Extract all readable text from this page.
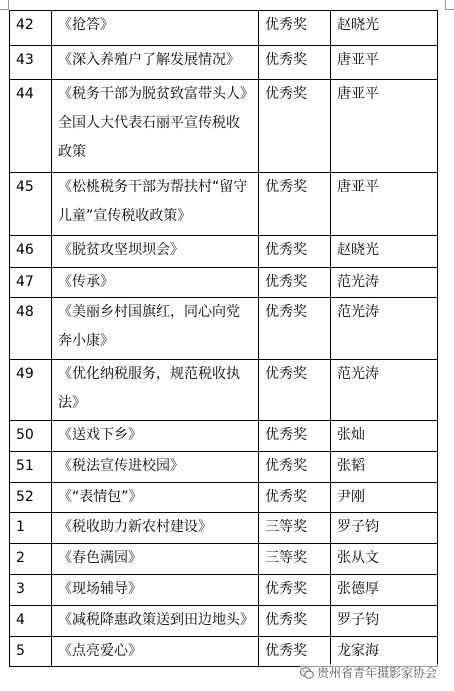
42	《抢答》	优秀奖	赵晓光
43	《深入养殖户了解发展情况》	优秀奖	唐亚平
44	《税务干部为脱贫致富带头人》全国人大代表石丽平宣传税收政策	优秀奖	唐亚平
45	《松桃税务干部为帮扶村“留守儿童”宣传税收政策》	优秀奖	唐亚平
46	《脱贫攻坚坝坝会》	优秀奖	赵晓光
47	《传承》	优秀奖	范光涛
48	《美丽乡村国旗红，同心向党奔小康》	优秀奖	范光涛
49	《优化纳税服务，规范税收执法》	优秀奖	范光涛
50	《送戏下乡》	优秀奖	张灿
51	《税法宣传进校园》	优秀奖	张韬
52	《“表情包”》	优秀奖	尹刚
1	《税收助力新农村建设》	三等奖	罗子钧
2	《春色满园》	三等奖	张从文
3	《现场辅导》	优秀奖	张德厚
4	《减税降惠政策送到田边地头》	优秀奖	罗子钧
5	《点亮爱心》	优秀奖	龙家海
贵州省青年摄影家协会
